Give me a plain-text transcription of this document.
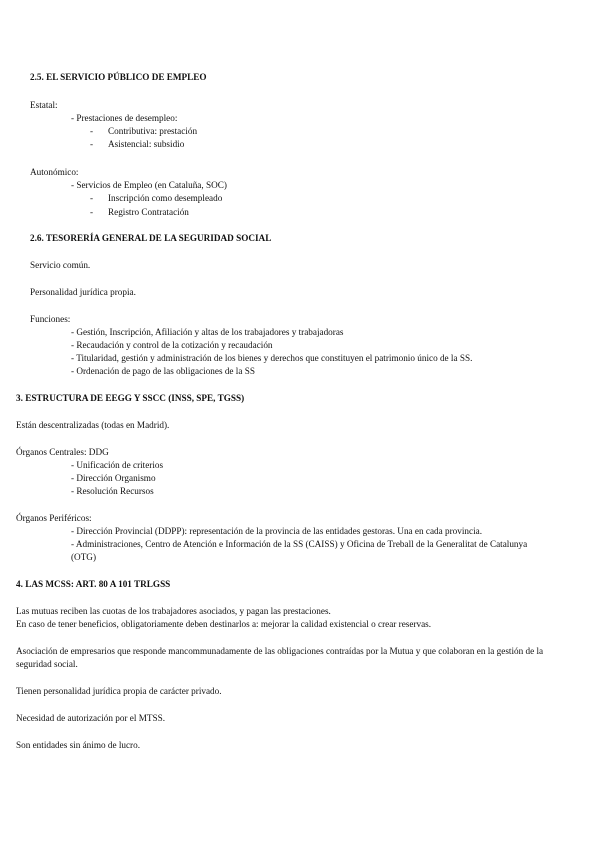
2.5. EL SERVICIO PÚBLICO DE EMPLEO
Estatal:
- Prestaciones de desempleo:
- Contributiva: prestación
- Asistencial: subsidio
Autonómico:
- Servicios de Empleo (en Cataluña, SOC)
- Inscripción como desempleado
- Registro Contratación
2.6. TESORERÍA GENERAL DE LA SEGURIDAD SOCIAL
Servicio común.
Personalidad jurídica propia.
Funciones:
- Gestión, Inscripción, Afiliación y altas de los trabajadores y trabajadoras
- Recaudación y control de la cotización y recaudación
- Titularidad, gestión y administración de los bienes y derechos que constituyen el patrimonio único de la SS.
- Ordenación de pago de las obligaciones de la SS
3. ESTRUCTURA DE EEGG Y SSCC (INSS, SPE, TGSS)
Están descentralizadas (todas en Madrid).
Órganos Centrales: DDG
- Unificación de criterios
- Dirección Organismo
- Resolución Recursos
Órganos Periféricos:
- Dirección Provincial (DDPP): representación de la provincia de las entidades gestoras. Una en cada provincia.
- Administraciones, Centro de Atención e Información de la SS (CAISS) y Oficina de Treball de la Generalitat de Catalunya
(OTG)
4. LAS MCSS: ART. 80 A 101 TRLGSS
Las mutuas reciben las cuotas de los trabajadores asociados, y pagan las prestaciones.
En caso de tener beneficios, obligatoriamente deben destinarlos a: mejorar la calidad existencial o crear reservas.
Asociación de empresarios que responde mancommunadamente de las obligaciones contraídas por la Mutua y que colaboran en la gestión de la
seguridad social.
Tienen personalidad jurídica propia de carácter privado.
Necesidad de autorización por el MTSS.
Son entidades sin ánimo de lucro.
